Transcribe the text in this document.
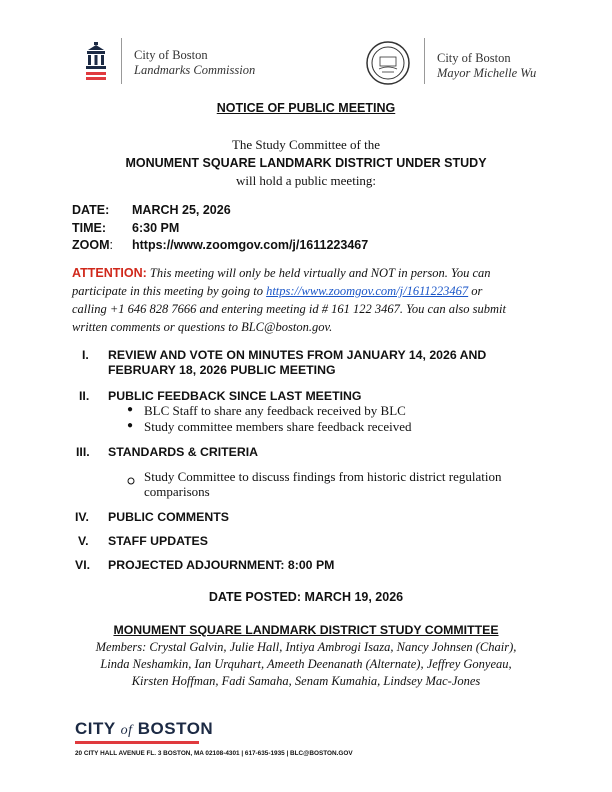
City of Boston
Landmarks Commission
City of Boston
Mayor Michelle Wu
NOTICE OF PUBLIC MEETING
The Study Committee of the
MONUMENT SQUARE LANDMARK DISTRICT UNDER STUDY
will hold a public meeting:
DATE: MARCH 25, 2026
TIME: 6:30 PM
ZOOM: https://www.zoomgov.com/j/1611223467
ATTENTION: This meeting will only be held virtually and NOT in person. You can
participate in this meeting by going to https://www.zoomgov.com/j/1611223467 or
calling +1 646 828 7666 and entering meeting id # 161 122 3467. You can also submit
written comments or questions to BLC@boston.gov.
I.	REVIEW AND VOTE ON MINUTES FROM JANUARY 14, 2026 AND
FEBRUARY 18, 2026 PUBLIC MEETING
II.	PUBLIC FEEDBACK SINCE LAST MEETING
● BLC Staff to share any feedback received by BLC
● Study committee members share feedback received
III.	STANDARDS & CRITERIA
Study Committee to discuss findings from historic district regulation
comparisons
IV.	PUBLIC COMMENTS
V.	STAFF UPDATES
VI.	PROJECTED ADJOURNMENT: 8:00 PM
DATE POSTED: MARCH 19, 2026
MONUMENT SQUARE LANDMARK DISTRICT STUDY COMMITTEE
Members: Crystal Galvin, Julie Hall, Intiya Ambrogi Isaza, Nancy Johnsen (Chair),
Linda Neshamkin, Ian Urquhart, Ameeth Deenanath (Alternate), Jeffrey Gonyeau,
Kirsten Hoffman, Fadi Samaha, Senam Kumahia, Lindsey Mac-Jones
CITY of BOSTON
20 CITY HALL AVENUE FL. 3 BOSTON, MA 02108-4301 | 617-635-1935 | BLC@BOSTON.GOV
